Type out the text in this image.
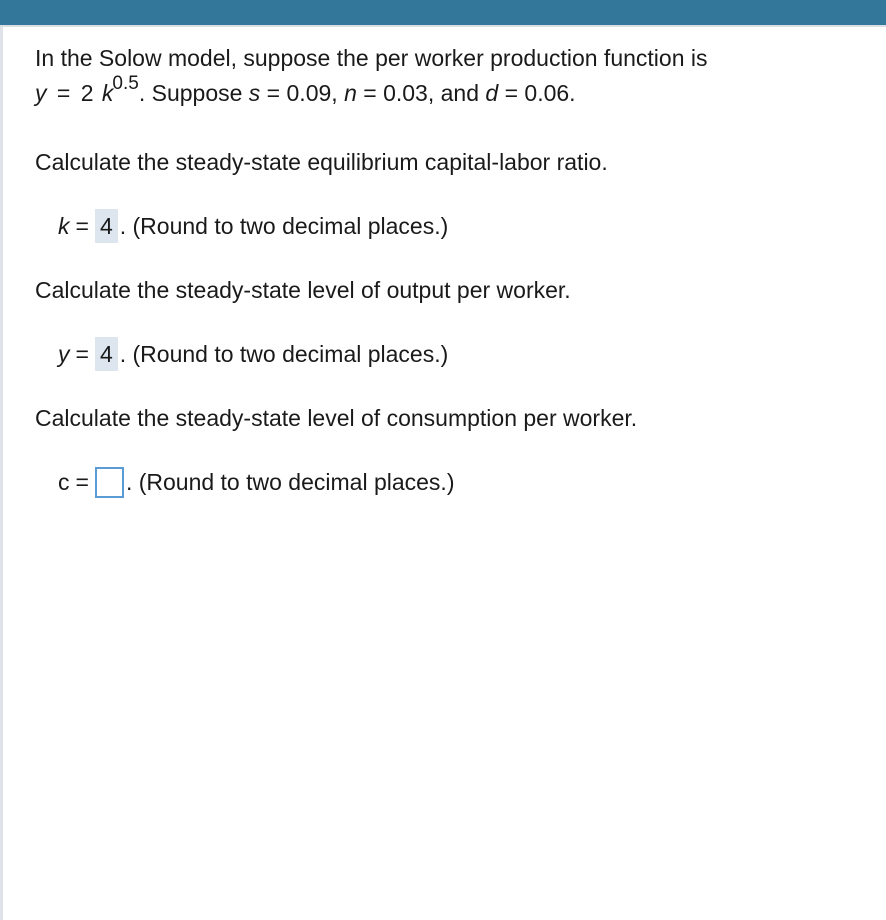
In the Solow model, suppose the per worker production function is
y = 2 $k^{0.5}$. Suppose s = 0.09, n = 0.03, and d = 0.06.
Calculate the steady-state equilibrium capital-labor ratio.
k = 4 . (Round to two decimal places.)
Calculate the steady-state level of output per worker.
y = 4 . (Round to two decimal places.)
Calculate the steady-state level of consumption per worker.
c = . (Round to two decimal places.)
